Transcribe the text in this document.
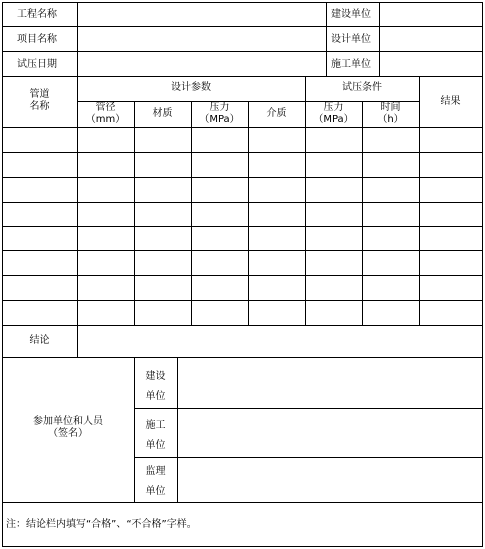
工程名称
项目名称
试压日期
建设单位
设计单位
施工单位
管道
名称
设计参数	试压条件
结果
管径
（mm）
材质
压力
（MPa）
介质
压力
（MPa）
时间
（h）
结论
参加单位和人员
（签名）
建设
单位
施工
单位
监理
单位
注：结论栏内填写“合格”、“不合格”字样。
